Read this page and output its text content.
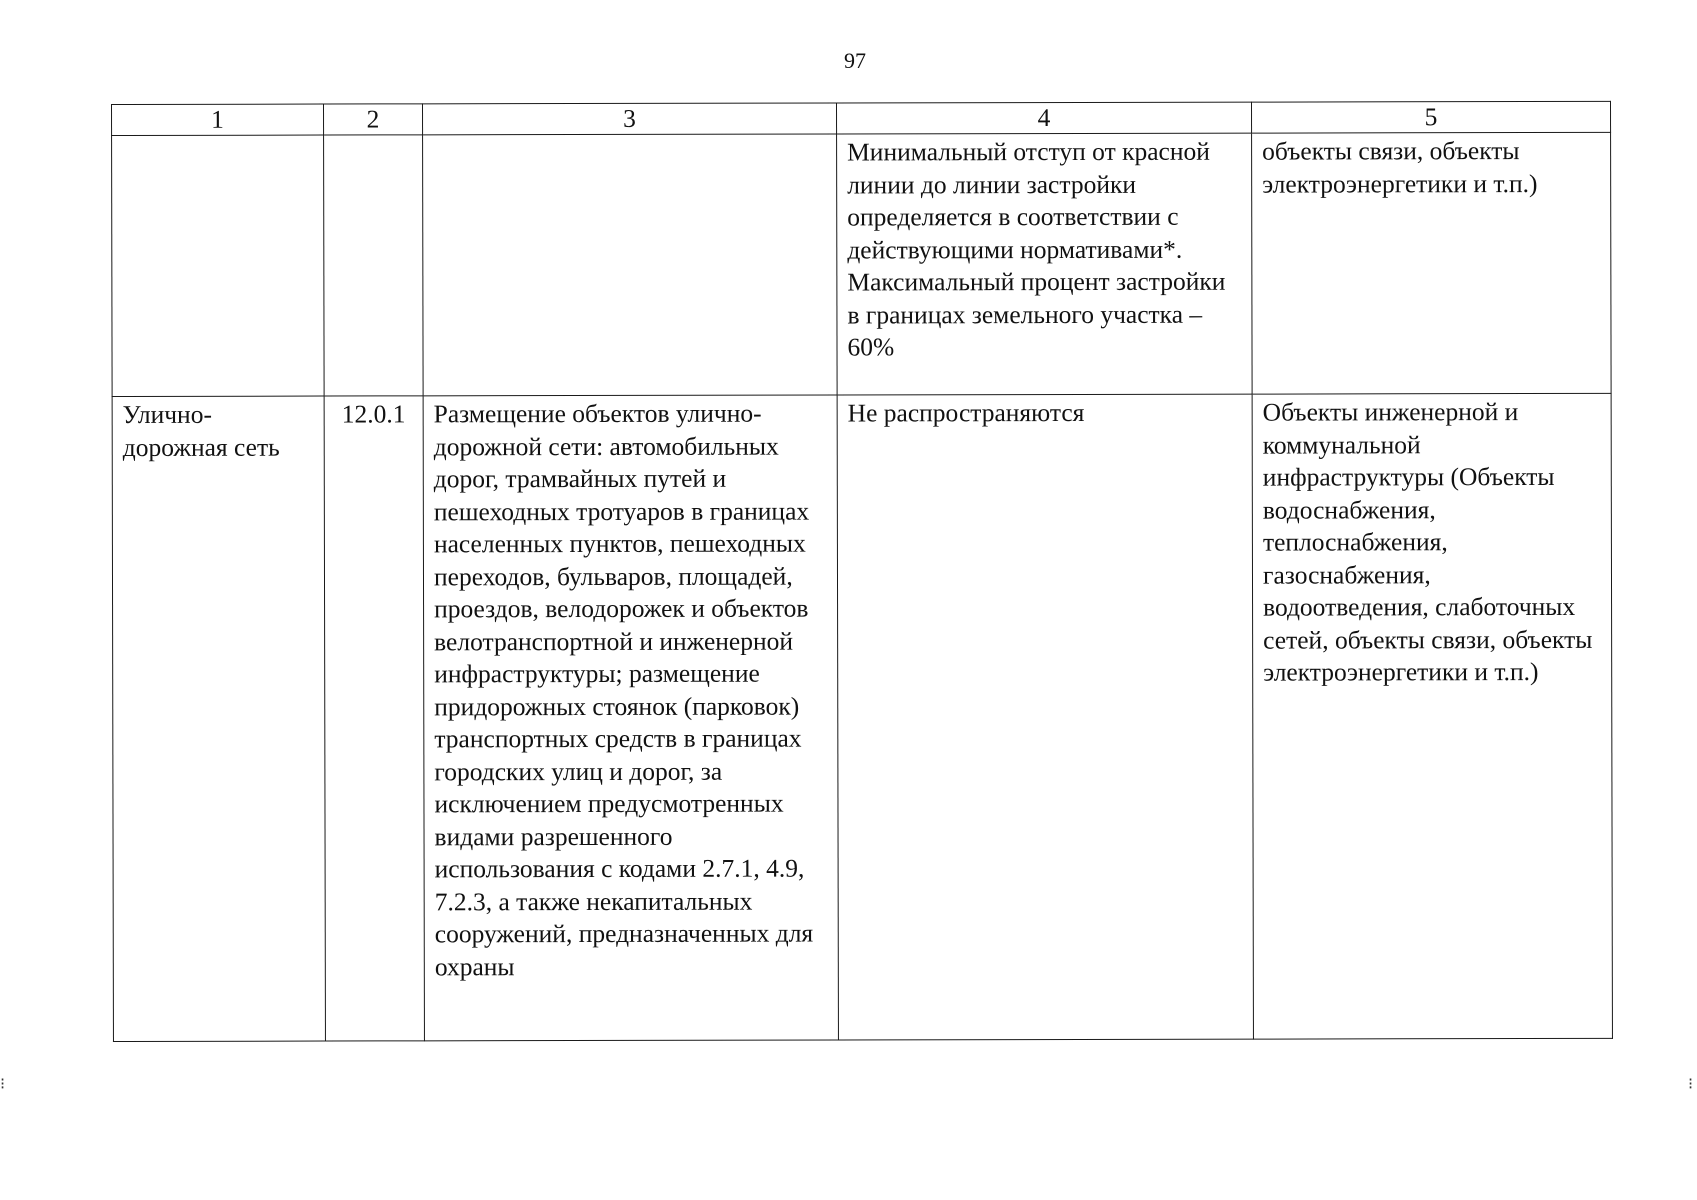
97
1	2	3	4	5
			Минимальный отступ от красной линии до линии застройки определяется в соответствии с действующими нормативами*. Максимальный процент застройки в границах земельного участка – 60%	объекты связи, объекты электроэнергетики и т.п.)
Улично-дорожная сеть	12.0.1	Размещение объектов улично-дорожной сети: автомобильных дорог, трамвайных путей и пешеходных тротуаров в границах населенных пунктов, пешеходных переходов, бульваров, площадей, проездов, велодорожек и объектов велотранспортной и инженерной инфраструктуры; размещение придорожных стоянок (парковок) транспортных средств в границах городских улиц и дорог, за исключением предусмотренных видами разрешенного использования с кодами 2.7.1, 4.9, 7.2.3, а также некапитальных сооружений, предназначенных для охраны	Не распространяются	Объекты инженерной и коммунальной инфраструктуры (Объекты водоснабжения, теплоснабжения, газоснабжения, водоотведения, слаботочных сетей, объекты связи, объекты электроэнергетики и т.п.)
⁝	⁝
